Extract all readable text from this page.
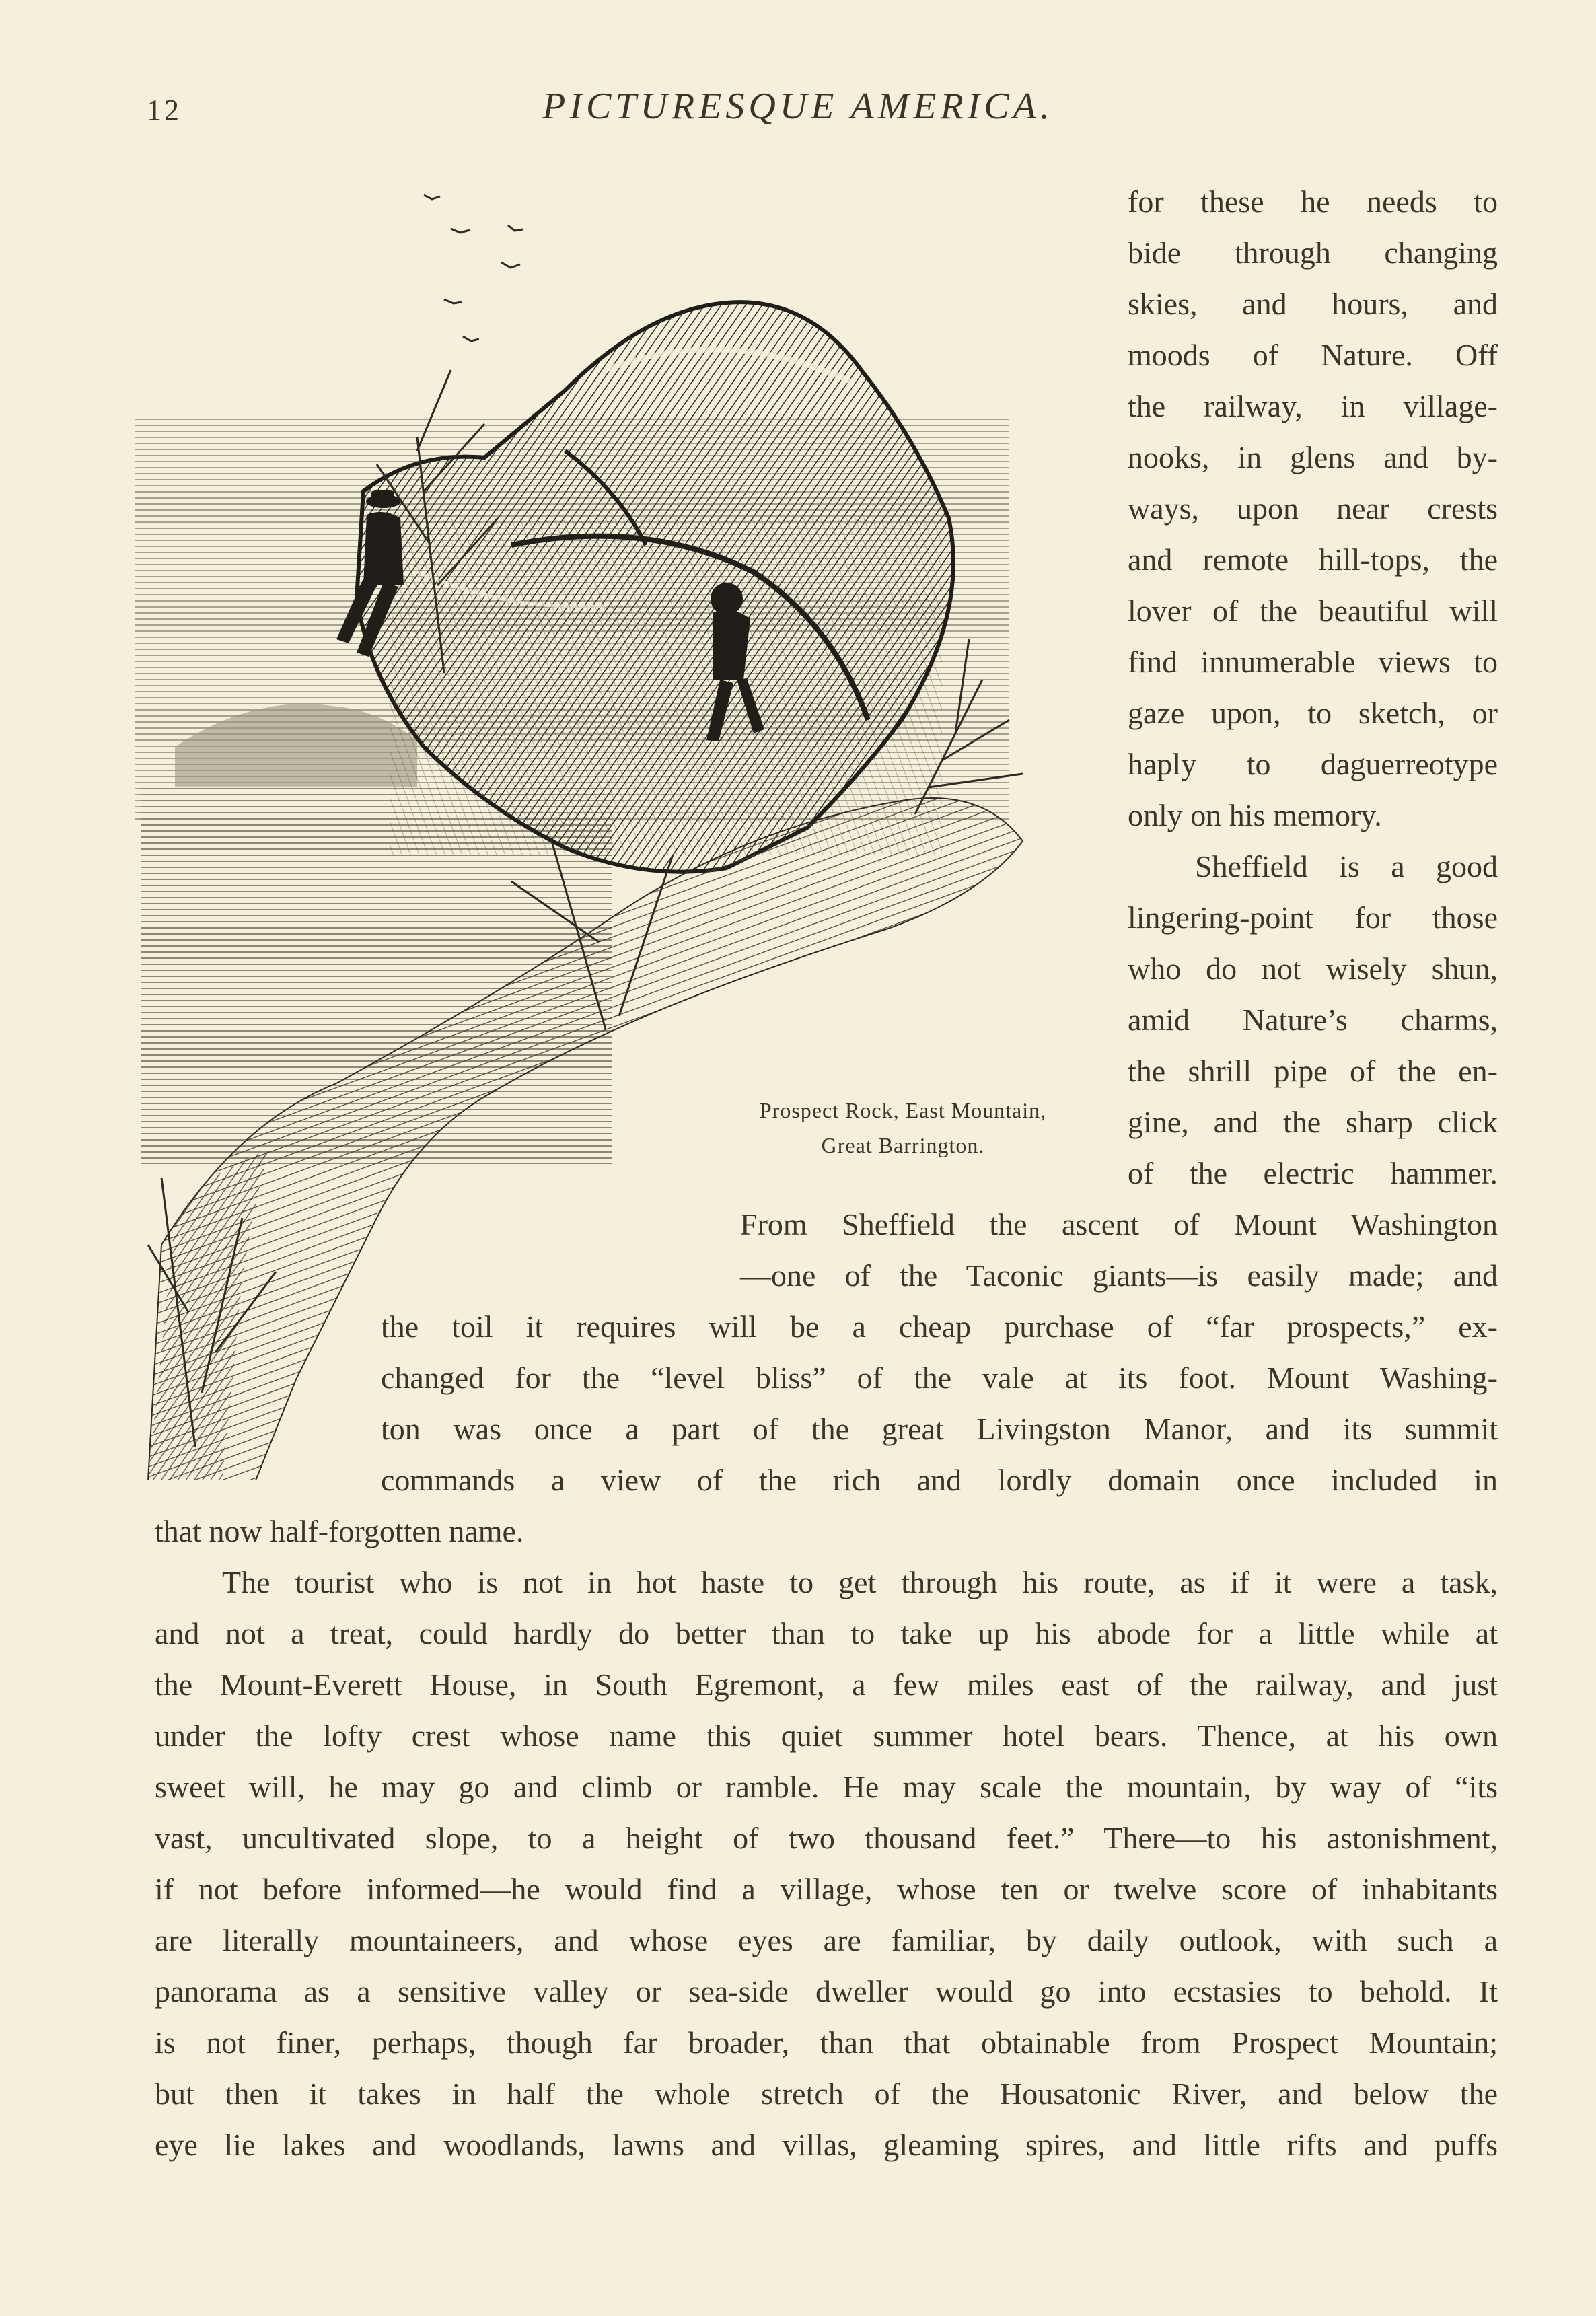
12	PICTURESQUE AMERICA.
Prospect Rock, East Mountain,
Great Barrington.
for these he needs to
bide through changing
skies, and hours, and
moods of Nature. Off
the railway, in village-
nooks, in glens and by-
ways, upon near crests
and remote hill-tops, the
lover of the beautiful will
find innumerable views to
gaze upon, to sketch, or
haply to daguerreotype
only on his memory.
Sheffield is a good
lingering-point for those
who do not wisely shun,
amid Nature’s charms,
the shrill pipe of the en-
gine, and the sharp click
of the electric hammer.
From Sheffield the ascent of Mount Washington
—one of the Taconic giants—is easily made; and
the toil it requires will be a cheap purchase of “far prospects,” ex-
changed for the “level bliss” of the vale at its foot. Mount Washing-
ton was once a part of the great Livingston Manor, and its summit
commands a view of the rich and lordly domain once included in
that now half-forgotten name.
The tourist who is not in hot haste to get through his route, as if it were a task,
and not a treat, could hardly do better than to take up his abode for a little while at
the Mount-Everett House, in South Egremont, a few miles east of the railway, and just
under the lofty crest whose name this quiet summer hotel bears. Thence, at his own
sweet will, he may go and climb or ramble. He may scale the mountain, by way of “its
vast, uncultivated slope, to a height of two thousand feet.” There—to his astonishment,
if not before informed—he would find a village, whose ten or twelve score of inhabitants
are literally mountaineers, and whose eyes are familiar, by daily outlook, with such a
panorama as a sensitive valley or sea-side dweller would go into ecstasies to behold. It
is not finer, perhaps, though far broader, than that obtainable from Prospect Mountain;
but then it takes in half the whole stretch of the Housatonic River, and below the
eye lie lakes and woodlands, lawns and villas, gleaming spires, and little rifts and puffs
